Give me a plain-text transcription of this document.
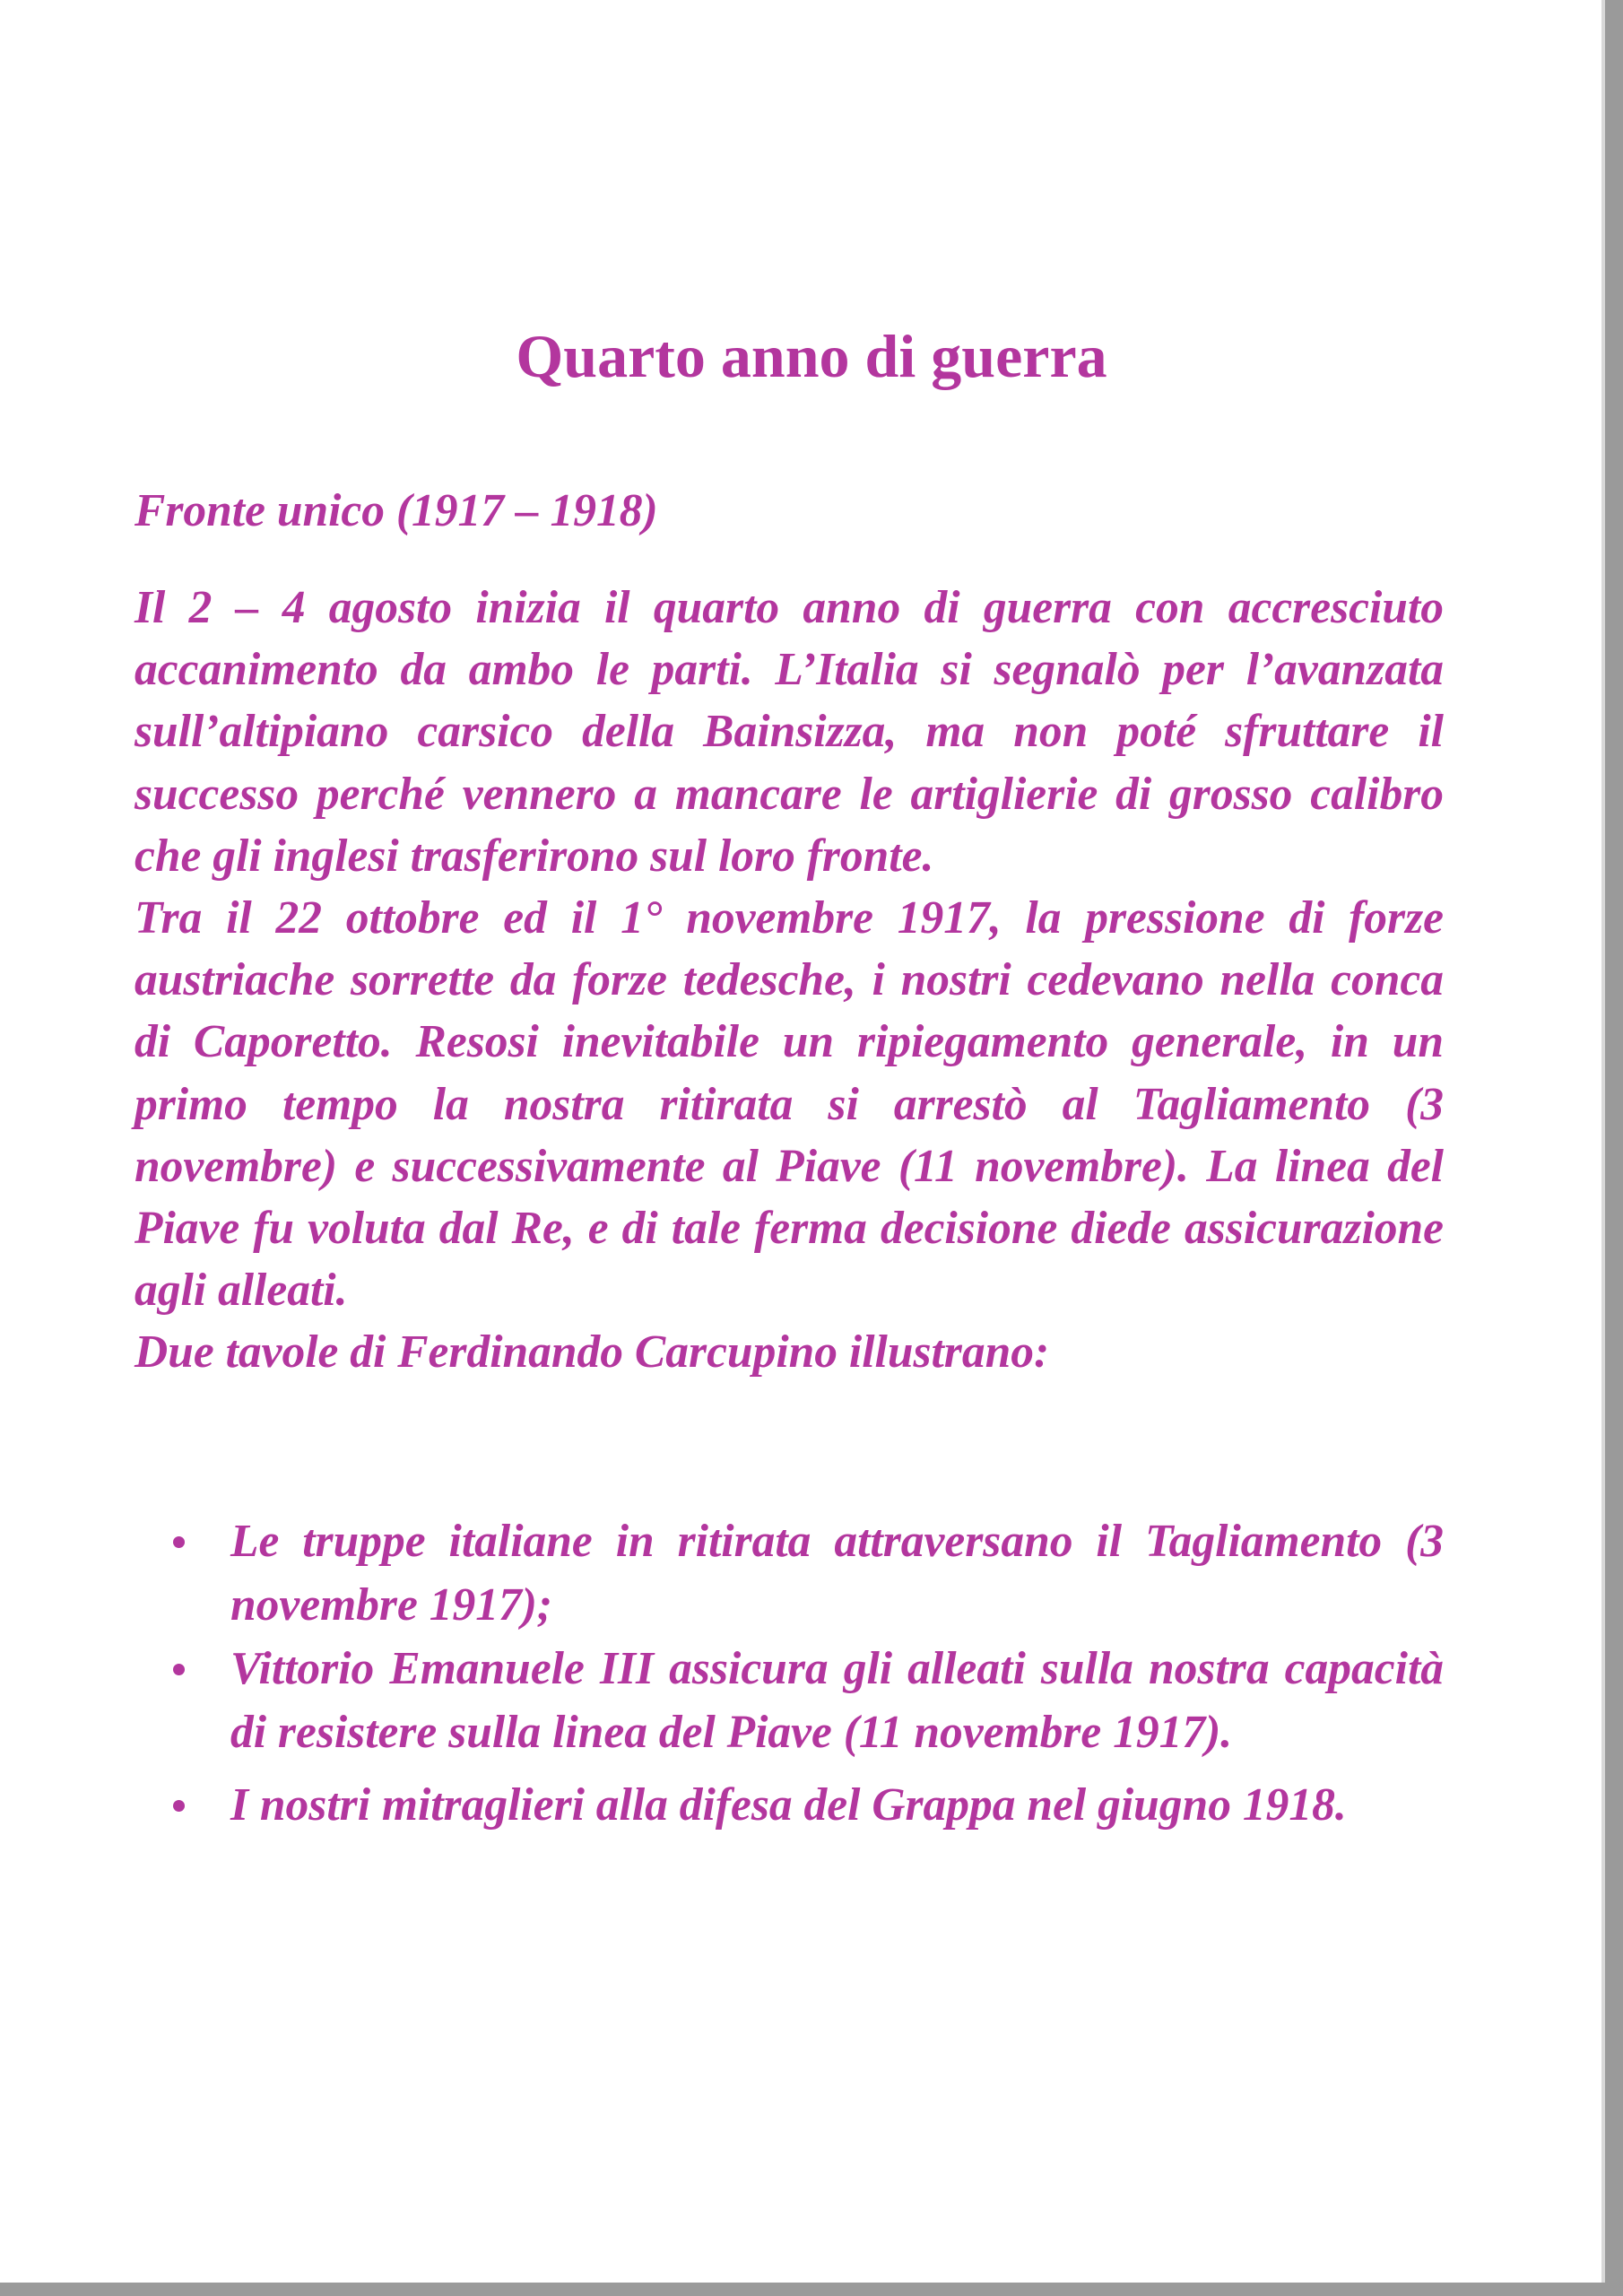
Quarto anno di guerra

Fronte unico (1917 – 1918)

Il 2 – 4 agosto inizia il quarto anno di guerra con accresciuto accanimento da ambo le parti. L’Italia si segnalò per l’avanzata sull’altipiano carsico della Bainsizza, ma non poté sfruttare il successo perché vennero a mancare le artiglierie di grosso calibro che gli inglesi trasferirono sul loro fronte.

Tra il 22 ottobre ed il 1° novembre 1917, la pressione di forze austriache sorrette da forze tedesche, i nostri cedevano nella conca di Caporetto. Resosi inevitabile un ripiegamento generale, in un primo tempo la nostra ritirata si arrestò al Tagliamento (3 novembre) e successivamente al Piave (11 novembre). La linea del Piave fu voluta dal Re, e di tale ferma decisione diede assicurazione agli alleati.

Due tavole di Ferdinando Carcupino illustrano:

Le truppe italiane in ritirata attraversano il Tagliamento (3 novembre 1917);
Vittorio Emanuele III assicura gli alleati sulla nostra capacità di resistere sulla linea del Piave (11 novembre 1917).
I nostri mitraglieri alla difesa del Grappa nel giugno 1918.
